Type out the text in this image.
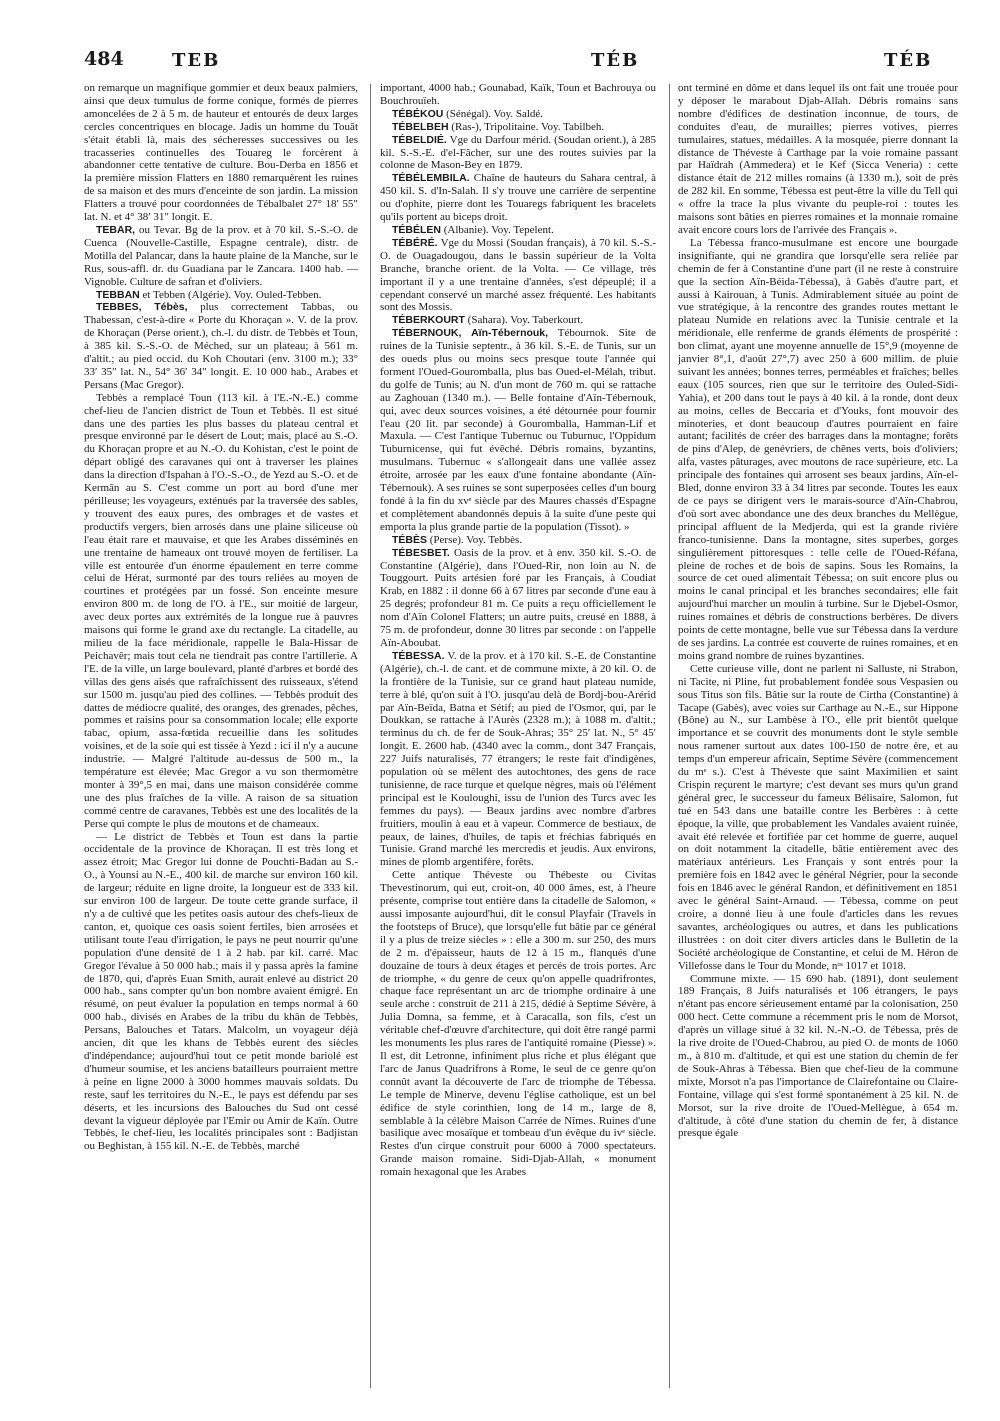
484	TEB	TÉB	TÉB

on remarque un magnifique gommier et deux beaux palmiers, ainsi que deux tumulus de forme conique, formés de pierres amoncelées de 2 à 5 m. de hauteur et entourés de deux larges cercles concentriques en blocage. Jadis un homme du Touât s'était établi là, mais des sécheresses successives ou les tracasseries continuelles des Touareg le forcèrent à abandonner cette tentative de culture. Bou-Derba en 1856 et la première mission Flatters en 1880 remarquèrent les ruines de sa maison et des murs d'enceinte de son jardin. La mission Flatters a trouvé pour coordonnées de Tébalbalet 27° 18′ 55″ lat. N. et 4° 38′ 31″ longit. E.

TEBAR, ou Tevar. Bg de la prov. et à 70 kil. S.-S.-O. de Cuenca (Nouvelle-Castille, Espagne centrale), distr. de Motilla del Palancar, dans la haute plaine de la Manche, sur le Rus, sous-affl. dr. du Guadiana par le Zancara. 1400 hab. — Vignoble. Culture de safran et d'oliviers.

TEBBAN et Tebben (Algérie). Voy. Ouled-Tebben.

TEBBES, Tébès, plus correctement Tabbas, ou Thabessan, c'est-à-dire « Porte du Khoraçan ». V. de la prov. de Khoraçan (Perse orient.), ch.-l. du distr. de Tebbès et Toun, à 385 kil. S.-S.-O. de Méched, sur un plateau; à 561 m. d'altit.; au pied occid. du Koh Choutari (env. 3100 m.); 33° 33′ 35″ lat. N., 54° 36′ 34″ longit. E. 10 000 hab., Arabes et Persans (Mac Gregor).

Tebbès a remplacé Toun (113 kil. à l'E.-N.-E.) comme chef-lieu de l'ancien district de Toun et Tebbès. Il est situé dans une des parties les plus basses du plateau central et presque environné par le désert de Lout; mais, placé au S.-O. du Khoraçan propre et au N.-O. du Kohistan, c'est le point de départ obligé des caravanes qui ont à traverser les plaines dans la direction d'Ispahan à l'O.-S.-O., de Yezd au S.-O. et de Kermân au S. C'est comme un port au bord d'une mer périlleuse; les voyageurs, exténués par la traversée des sables, y trouvent des eaux pures, des ombrages et de vastes et productifs vergers, bien arrosés dans une plaine siliceuse où l'eau était rare et mauvaise, et que les Arabes disséminés en une trentaine de hameaux ont trouvé moyen de fertiliser. La ville est entourée d'un énorme épaulement en terre comme celui de Hérat, surmonté par des tours reliées au moyen de courtines et protégées par un fossé. Son enceinte mesure environ 800 m. de long de l'O. à l'E., sur moitié de largeur, avec deux portes aux extrémités de la longue rue à pauvres maisons qui forme le grand axe du rectangle. La citadelle, au milieu de la face méridionale, rappelle le Bala-Hissar de Peichavêr; mais tout cela ne tiendrait pas contre l'artillerie. A l'E. de la ville, un large boulevard, planté d'arbres et bordé des villas des gens aisés que rafraîchissent des ruisseaux, s'étend sur 1500 m. jusqu'au pied des collines. — Tebbès produit des dattes de médiocre qualité, des oranges, des grenades, pêches, pommes et raisins pour sa consommation locale; elle exporte tabac, opium, assa-fœtida recueillie dans les solitudes voisines, et de la soie qui est tissée à Yezd : ici il n'y a aucune industrie. — Malgré l'altitude au-dessus de 500 m., la température est élevée; Mac Gregor a vu son thermomètre monter à 39°,5 en mai, dans une maison considérée comme une des plus fraîches de la ville. A raison de sa situation commé centre de caravanes, Tebbès est une des localités de la Perse qui compte le plus de moutons et de chameaux.

— Le district de Tebbès et Toun est dans la partie occidentale de la province de Khoraçan. Il est très long et assez étroit; Mac Gregor lui donne de Pouchti-Badan au S.-O., à Younsi au N.-E., 400 kil. de marche sur environ 160 kil. de largeur; réduite en ligne droite, la longueur est de 333 kil. sur environ 100 de largeur. De toute cette grande surface, il n'y a de cultivé que les petites oasis autour des chefs-lieux de canton, et, quoique ces oasis soient fertiles, bien arrosées et utilisant toute l'eau d'irrigation, le pays ne peut nourrir qu'une population d'une densité de 1 à 2 hab. par kil. carré. Mac Gregor l'évalue à 50 000 hab.; mais il y passa après la famine de 1870, qui, d'après Euan Smith, aurait enlevé au district 20 000 hab., sans compter qu'un bon nombre avaient émigré. En résumé, on peut évaluer la population en temps normal à 60 000 hab., divisés en Arabes de la tribu du khân de Tebbès, Persans, Balouches et Tatars. Malcolm, un voyageur déjà ancien, dit que les khans de Tebbès eurent des siècles d'indépendance; aujourd'hui tout ce petit monde bariolé est d'humeur soumise, et les anciens batailleurs pourraient mettre à peine en ligne 2000 à 3000 hommes mauvais soldats. Du reste, sauf les territoires du N.-E., le pays est défendu par ses déserts, et les incursions des Balouches du Sud ont cessé devant la vigueur déployée par l'Emir ou Amir de Kaïn. Outre Tebbès, le chef-lieu, les localités principales sont : Badjistan ou Beghistan, à 155 kil. N.-E. de Tebbès, marché

important, 4000 hab.; Gounabad, Kaïk, Toun et Bachrouya ou Bouchrouïeh.

TÉBÉKOU (Sénégal). Voy. Saldé.

TÉBELBEH (Ras-), Tripolitaine. Voy. Tabilbeh.

TÉBELDIÉ. Vge du Darfour mérid. (Soudan orient.), à 285 kil. S.-S.-E. d'el-Fâcher, sur une des routes suivies par la colonne de Mason-Bey en 1879.

TÉBÉLEMBILA. Chaîne de hauteurs du Sahara central, à 450 kil. S. d'In-Salah. Il s'y trouve une carrière de serpentine ou d'ophite, pierre dont les Touaregs fabriquent les bracelets qu'ils portent au biceps droit.

TÉBÉLEN (Albanie). Voy. Tepelent.

TÉBÉRÉ. Vge du Mossi (Soudan français), à 70 kil. S.-S.-O. de Ouagadougou, dans le bassin supérieur de la Volta Branche, branche orient. de la Volta. — Ce village, très important il y a une trentaine d'années, s'est dépeuplé; il a cependant conservé un marché assez fréquenté. Les habitants sont des Mossis.

TÉBERKOURT (Sahara). Voy. Taberkourt.

TÉBERNOUK, Aïn-Tébernouk, Tébournok. Site de ruines de la Tunisie septentr., à 36 kil. S.-E. de Tunis, sur un des oueds plus ou moins secs presque toute l'année qui forment l'Oued-Gouromballa, plus bas Oued-el-Mélah, tribut. du golfe de Tunis; au N. d'un mont de 760 m. qui se rattache au Zaghouan (1340 m.). — Belle fontaine d'Aïn-Tébernouk, qui, avec deux sources voisines, a été détournée pour fournir l'eau (20 lit. par seconde) à Gouromballa, Hamman-Lif et Maxula. — C'est l'antique Tubernuc ou Tuburnuc, l'Oppidum Tuburnicense, qui fut évêché. Débris romains, byzantins, musulmans. Tubernuc « s'allongeait dans une vallée assez étroite, arrosée par les eaux d'une fontaine abondante (Aïn-Tébernouk). A ses ruines se sont superposées celles d'un bourg fondé à la fin du xvᵉ siècle par des Maures chassés d'Espagne et complètement abandonnés depuis à la suite d'une peste qui emporta la plus grande partie de la population (Tissot). »

TÉBÈS (Perse). Voy. Tebbès.

TÉBESBET. Oasis de la prov. et à env. 350 kil. S.-O. de Constantine (Algérie), dans l'Oued-Rir, non loin au N. de Touggourt. Puits artésien foré par les Français, à Coudiat Krab, en 1882 : il donne 66 à 67 litres par seconde d'une eau à 25 degrés; profondeur 81 m. Ce puits a reçu officiellement le nom d'Aïn Colonel Flatters; un autre puits, creusé en 1888, à 75 m. de profondeur, donne 30 litres par seconde : on l'appelle Aïn-Aboubat.

TÉBESSA. V. de la prov. et à 170 kil. S.-E. de Constantine (Algérie), ch.-l. de cant. et de commune mixte, à 20 kil. O. de la frontière de la Tunisie, sur ce grand haut plateau numide, terre à blé, qu'on suit à l'O. jusqu'au delà de Bordj-bou-Arérid par Aïn-Beïda, Batna et Sétif; au pied de l'Osmor, qui, par le Doukkan, se rattache à l'Aurès (2328 m.); à 1088 m. d'altit.; terminus du ch. de fer de Souk-Ahras; 35° 25′ lat. N., 5° 45′ longit. E. 2600 hab. (4340 avec la comm., dont 347 Français, 227 Juifs naturalisés, 77 étrangers; le reste fait d'indigènes, population où se mêlent des autochtones, des gens de race tunisienne, de race turque et quelque nègres, mais où l'élément principal est le Kouloughi, issu de l'union des Turcs avec les femmes du pays). — Beaux jardins avec nombre d'arbres fruitiers, moulin à eau et à vapeur. Commerce de bestiaux, de peaux, de laines, d'huiles, de tapis et fréchias fabriqués en Tunisie. Grand marché les mercredis et jeudis. Aux environs, mines de plomb argentifère, forêts.

Cette antique Théveste ou Thébeste ou Civitas Thevestinorum, qui eut, croit-on, 40 000 âmes, est, à l'heure présente, comprise tout entière dans la citadelle de Salomon, « aussi imposante aujourd'hui, dit le consul Playfair (Travels in the footsteps of Bruce), que lorsqu'elle fut bâtie par ce général il y a plus de treize siècles » : elle a 300 m. sur 250, des murs de 2 m. d'épaisseur, hauts de 12 à 15 m., flanqués d'une douzaine de tours à deux étages et percés de trois portes. Arc de triomphe, « du genre de ceux qu'on appelle quadrifrontes, chaque face représentant un arc de triomphe ordinaire à une seule arche : construit de 211 à 215, dédié à Septime Sévère, à Julia Domna, sa femme, et à Caracalla, son fils, c'est un véritable chef-d'œuvre d'architecture, qui doit être rangé parmi les monuments les plus rares de l'antiquité romaine (Piesse) ». Il est, dit Letronne, infiniment plus riche et plus élégant que l'arc de Janus Quadrifrons à Rome, le seul de ce genre qu'on connût avant la découverte de l'arc de triomphe de Tébessa. Le temple de Minerve, devenu l'église catholique, est un bel édifice de style corinthien, long de 14 m., large de 8, semblable à la célèbre Maison Carrée de Nîmes. Ruines d'une basilique avec mosaïque et tombeau d'un évêque du ivᵉ siècle. Restes d'un cirque construit pour 6000 à 7000 spectateurs. Grande maison romaine. Sidi-Djab-Allah, « monument romain hexagonal que les Arabes

ont terminé en dôme et dans lequel ils ont fait une trouée pour y déposer le marabout Djab-Allah. Débris romains sans nombre d'édifices de destination inconnue, de tours, de conduites d'eau, de murailles; pierres votives, pierres tumulaires, statues, médailles. A la mosquée, pierre donnant la distance de Théveste à Carthage par la voie romaine passant par Haïdrah (Ammedera) et le Kef (Sicca Veneria) : cette distance était de 212 milles romains (à 1330 m.), soit de près de 282 kil. En somme, Tébessa est peut-être la ville du Tell qui « offre la trace la plus vivante du peuple-roi : toutes les maisons sont bâties en pierres romaines et la monnaie romaine avait encore cours lors de l'arrivée des Français ».

La Tébessa franco-musulmane est encore une bourgade insignifiante, qui ne grandira que lorsqu'elle sera reliée par chemin de fer à Constantine d'une part (il ne reste à construire que la section Aïn-Béida-Tébessa), à Gabès d'autre part, et aussi à Kairouan, à Tunis. Admirablement située au point de vue stratégique, à la rencontre des grandes routes mettant le plateau Numide en relations avec la Tunisie centrale et la méridionale, elle renferme de grands éléments de prospérité : bon climat, ayant une moyenne annuelle de 15°,9 (moyenne de janvier 8°,1, d'août 27°,7) avec 250 à 600 millim. de pluie suivant les années; bonnes terres, perméables et fraîches; belles eaux (105 sources, rien que sur le territoire des Ouled-Sidi-Yahia), et 200 dans tout le pays à 40 kil. à la ronde, dont deux au moins, celles de Beccaria et d'Youks, font mouvoir des minoteries, et dont beaucoup d'autres pourraient en faire autant; facilités de créer des barrages dans la montagne; forêts de pins d'Alep, de genévriers, de chênes verts, bois d'oliviers; alfa, vastes pâturages, avec moutons de race supérieure, etc. La principale des fontaines qui arrosent ses beaux jardins, Aïn-el-Bled, donne environ 33 à 34 litres par seconde. Toutes les eaux de ce pays se dirigent vers le marais-source d'Aïn-Chabrou, d'où sort avec abondance une des deux branches du Mellègue, principal affluent de la Medjerda, qui est la grande rivière franco-tunisienne. Dans la montagne, sites superbes, gorges singulièrement pittoresques : telle celle de l'Oued-Réfana, pleine de roches et de bois de sapins. Sous les Romains, la source de cet oued alimentait Tébessa; on suit encore plus ou moins le canal principal et les branches secondaires; elle fait aujourd'hui marcher un moulin à turbine. Sur le Djebel-Osmor, ruines romaines et débris de constructions berbères. De divers points de cette montagne, belle vue sur Tébessa dans la verdure de ses jardins. La contrée est couverte de ruines romaines, et en moins grand nombre de ruines byzantines.

Cette curieuse ville, dont ne parlent ni Salluste, ni Strabon, ni Tacite, ni Pline, fut probablement fondée sous Vespasien ou sous Titus son fils. Bâtie sur la route de Cirtha (Constantine) à Tacape (Gabès), avec voies sur Carthage au N.-E., sur Hippone (Bône) au N., sur Lambèse à l'O., elle prit bientôt quelque importance et se couvrit des monuments dont le style semble nous ramener surtout aux dates 100-150 de notre ère, et au temps d'un empereur africain, Septime Sévère (commencement du mᵉ s.). C'est à Théveste que saint Maximilien et saint Crispin reçurent le martyre; c'est devant ses murs qu'un grand général grec, le successeur du fameux Bélisaire, Salomon, fut tué en 543 dans une bataille contre les Berbères : à cette époque, la ville, que probablement les Vandales avaient ruinée, avait été relevée et fortifiée par cet homme de guerre, auquel on doit notamment la citadelle, bâtie entièrement avec des matériaux antérieurs. Les Français y sont entrés pour la première fois en 1842 avec le général Négrier, pour la seconde fois en 1846 avec le général Randon, et définitivement en 1851 avec le général Saint-Arnaud. — Tébessa, comme on peut croire, a donné lieu à une foule d'articles dans les revues savantes, archéologiques ou autres, et dans les publications illustrées : on doit citer divers articles dans le Bulletin de la Société archéologique de Constantine, et celui de M. Héron de Villefosse dans le Tour du Monde, nᵒˢ 1017 et 1018.

Commune mixte. — 15 690 hab. (1891), dont seulement 189 Français, 8 Juifs naturalisés et 106 étrangers, le pays n'étant pas encore sérieusement entamé par la colonisation, 250 000 hect. Cette commune a récemment pris le nom de Morsot, d'après un village situé à 32 kil. N.-N.-O. de Tébessa, près de la rive droite de l'Oued-Chabrou, au pied O. de monts de 1060 m., à 810 m. d'altitude, et qui est une station du chemin de fer de Souk-Ahras à Tébessa. Bien que chef-lieu de la commune mixte, Morsot n'a pas l'importance de Clairefontaine ou Claire-Fontaine, village qui s'est formé spontanément à 25 kil. N. de Morsot, sur la rive droite de l'Oued-Mellègue, à 654 m. d'altitude, à côté d'une station du chemin de fer, à distance presque égale
